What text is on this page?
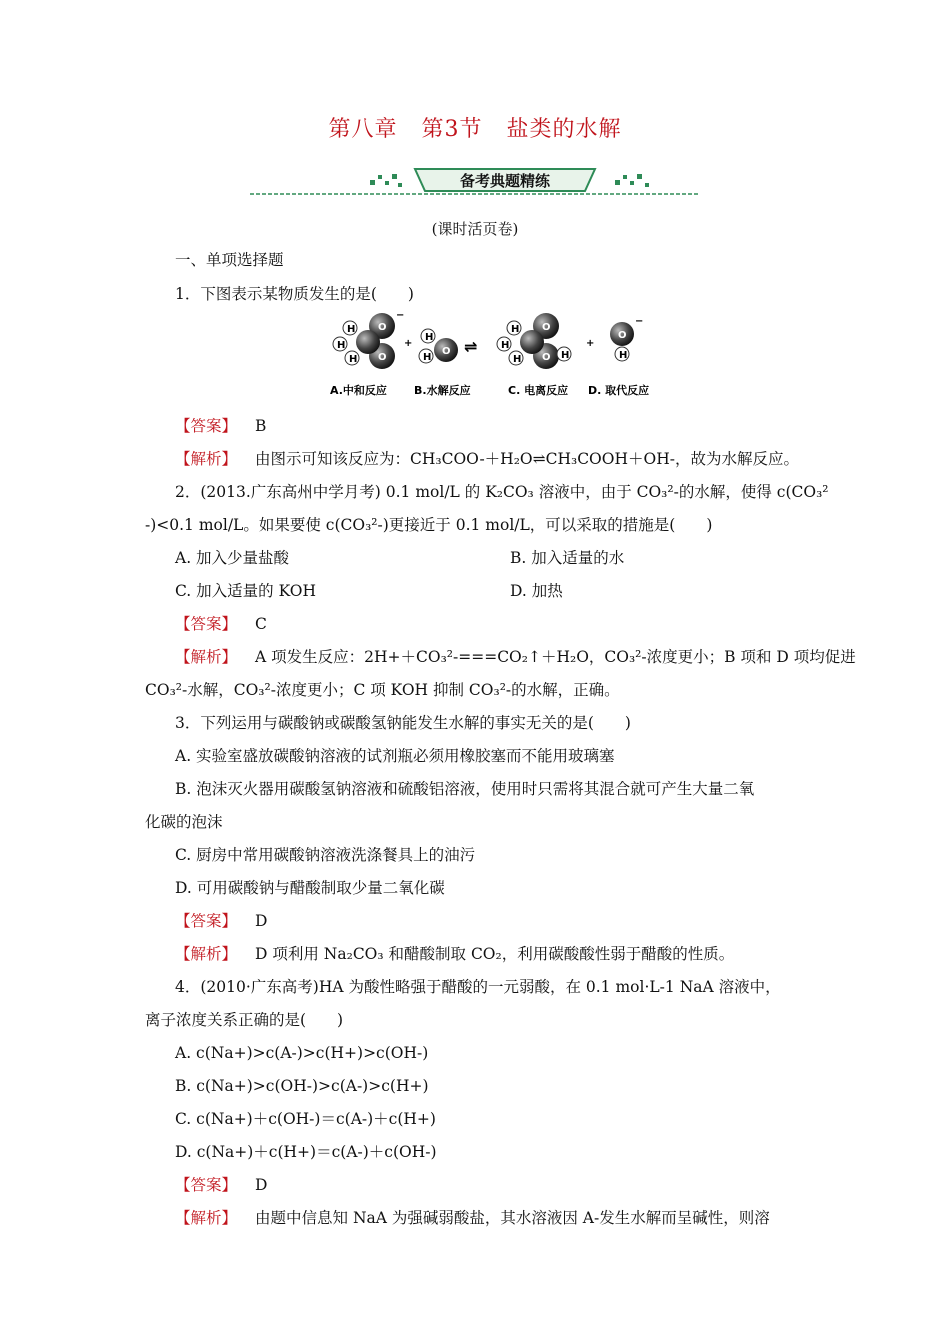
第八章 第3节 盐类的水解
备考典题精练
(课时活页卷)
一、单项选择题
1．下图表示某物质发生的是(　　)
H
H
H
O
O
−
+
H
H
O ⇌
H
H
H	H
O
O
+
O
H
−
A.中和反应 B.水解反应	C. 电离反应 D. 取代反应
【答案】 B
【解析】 由图示可知该反应为：CH₃COO-＋H₂O⇌CH₃COOH＋OH-，故为水解反应。
2．(2013.广东高州中学月考) 0.1 mol/L 的 K₂CO₃ 溶液中，由于 CO₃²-的水解，使得 c(CO₃²
-)<0.1 mol/L。如果要使 c(CO₃²-)更接近于 0.1 mol/L，可以采取的措施是(　　)
A. 加入少量盐酸	B. 加入适量的水
C. 加入适量的 KOH	D. 加热
【答案】 C
【解析】 A 项发生反应：2H+＋CO₃²-===CO₂↑＋H₂O，CO₃²-浓度更小；B 项和 D 项均促进
CO₃²-水解，CO₃²-浓度更小；C 项 KOH 抑制 CO₃²-的水解，正确。
3．下列运用与碳酸钠或碳酸氢钠能发生水解的事实无关的是(　　)
A. 实验室盛放碳酸钠溶液的试剂瓶必须用橡胶塞而不能用玻璃塞
B. 泡沫灭火器用碳酸氢钠溶液和硫酸铝溶液，使用时只需将其混合就可产生大量二氧
化碳的泡沫
C. 厨房中常用碳酸钠溶液洗涤餐具上的油污
D. 可用碳酸钠与醋酸制取少量二氧化碳
【答案】 D
【解析】 D 项利用 Na₂CO₃ 和醋酸制取 CO₂，利用碳酸酸性弱于醋酸的性质。
4．(2010·广东高考)HA 为酸性略强于醋酸的一元弱酸，在 0.1 mol·L-1 NaA 溶液中，
离子浓度关系正确的是(　　)
A. c(Na+)>c(A-)>c(H+)>c(OH-)
B. c(Na+)>c(OH-)>c(A-)>c(H+)
C. c(Na+)＋c(OH-)＝c(A-)＋c(H+)
D. c(Na+)＋c(H+)＝c(A-)＋c(OH-)
【答案】 D
【解析】 由题中信息知 NaA 为强碱弱酸盐，其水溶液因 A-发生水解而呈碱性，则溶
